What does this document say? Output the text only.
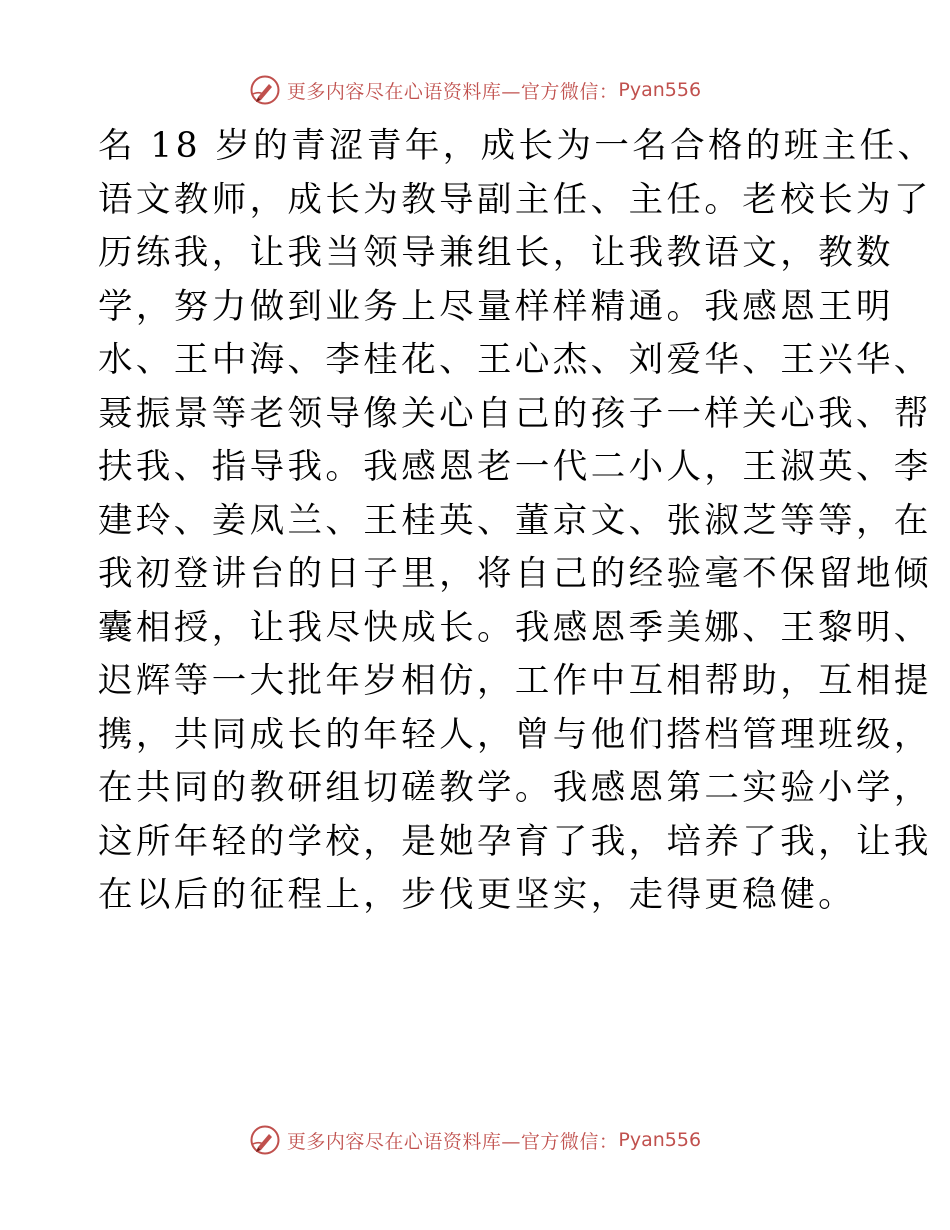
更多内容尽在心语资料库—官方微信： Pyan556
名 18 岁的青涩青年，成长为一名合格的班主任、
语文教师，成长为教导副主任、主任。老校长为了
历练我，让我当领导兼组长，让我教语文，教数
学，努力做到业务上尽量样样精通。我感恩王明
水、王中海、李桂花、王心杰、刘爱华、王兴华、
聂振景等老领导像关心自己的孩子一样关心我、帮
扶我、指导我。我感恩老一代二小人，王淑英、李
建玲、姜凤兰、王桂英、董京文、张淑芝等等，在
我初登讲台的日子里，将自己的经验毫不保留地倾
囊相授，让我尽快成长。我感恩季美娜、王黎明、
迟辉等一大批年岁相仿，工作中互相帮助，互相提
携，共同成长的年轻人，曾与他们搭档管理班级，
在共同的教研组切磋教学。我感恩第二实验小学，
这所年轻的学校，是她孕育了我，培养了我，让我
在以后的征程上，步伐更坚实，走得更稳健。
更多内容尽在心语资料库—官方微信： Pyan556
